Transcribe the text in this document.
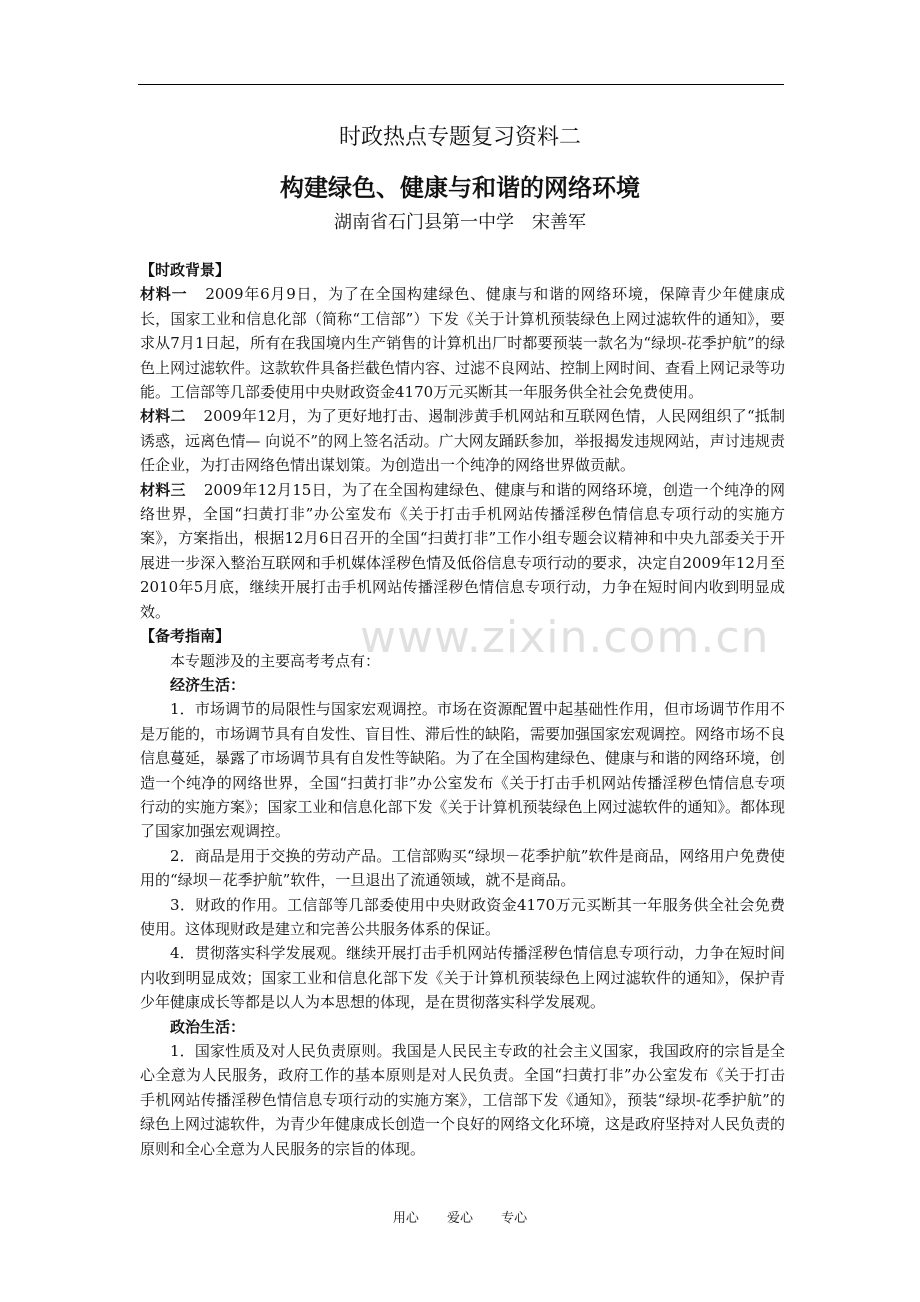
时政热点专题复习资料二
构建绿色、健康与和谐的网络环境
湖南省石门县第一中学　宋善军

【时政背景】

材料一 2009年6月9日，为了在全国构建绿色、健康与和谐的网络环境，保障青少年健康成长，国家工业和信息化部（简称“工信部”）下发《关于计算机预装绿色上网过滤软件的通知》，要求从7月1日起，所有在我国境内生产销售的计算机出厂时都要预装一款名为“绿坝-花季护航”的绿色上网过滤软件。这款软件具备拦截色情内容、过滤不良网站、控制上网时间、查看上网记录等功能。工信部等几部委使用中央财政资金4170万元买断其一年服务供全社会免费使用。

材料二 2009年12月，为了更好地打击、遏制涉黄手机网站和互联网色情，人民网组织了“抵制诱惑，远离色情— 向说不”的网上签名活动。广大网友踊跃参加，举报揭发违规网站，声讨违规责任企业，为打击网络色情出谋划策。为创造出一个纯净的网络世界做贡献。

材料三 2009年12月15日，为了在全国构建绿色、健康与和谐的网络环境，创造一个纯净的网络世界，全国“扫黄打非”办公室发布《关于打击手机网站传播淫秽色情信息专项行动的实施方案》，方案指出，根据12月6日召开的全国“扫黄打非”工作小组专题会议精神和中央九部委关于开展进一步深入整治互联网和手机媒体淫秽色情及低俗信息专项行动的要求，决定自2009年12月至2010年5月底，继续开展打击手机网站传播淫秽色情信息专项行动，力争在短时间内收到明显成效。

【备考指南】

本专题涉及的主要高考考点有：

经济生活：

1．市场调节的局限性与国家宏观调控。市场在资源配置中起基础性作用，但市场调节作用不是万能的，市场调节具有自发性、盲目性、滞后性的缺陷，需要加强国家宏观调控。网络市场不良信息蔓延，暴露了市场调节具有自发性等缺陷。为了在全国构建绿色、健康与和谐的网络环境，创造一个纯净的网络世界，全国“扫黄打非”办公室发布《关于打击手机网站传播淫秽色情信息专项行动的实施方案》；国家工业和信息化部下发《关于计算机预装绿色上网过滤软件的通知》。都体现了国家加强宏观调控。

2．商品是用于交换的劳动产品。工信部购买“绿坝－花季护航”软件是商品，网络用户免费使用的“绿坝－花季护航”软件，一旦退出了流通领域，就不是商品。

3．财政的作用。工信部等几部委使用中央财政资金4170万元买断其一年服务供全社会免费使用。这体现财政是建立和完善公共服务体系的保证。

4．贯彻落实科学发展观。继续开展打击手机网站传播淫秽色情信息专项行动，力争在短时间内收到明显成效；国家工业和信息化部下发《关于计算机预装绿色上网过滤软件的通知》，保护青少年健康成长等都是以人为本思想的体现，是在贯彻落实科学发展观。

政治生活：

1．国家性质及对人民负责原则。我国是人民民主专政的社会主义国家，我国政府的宗旨是全心全意为人民服务，政府工作的基本原则是对人民负责。全国“扫黄打非”办公室发布《关于打击手机网站传播淫秽色情信息专项行动的实施方案》，工信部下发《通知》，预装“绿坝-花季护航”的绿色上网过滤软件，为青少年健康成长创造一个良好的网络文化环境，这是政府坚持对人民负责的原则和全心全意为人民服务的宗旨的体现。

www.zixin.com.cn
用心 爱心 专心
